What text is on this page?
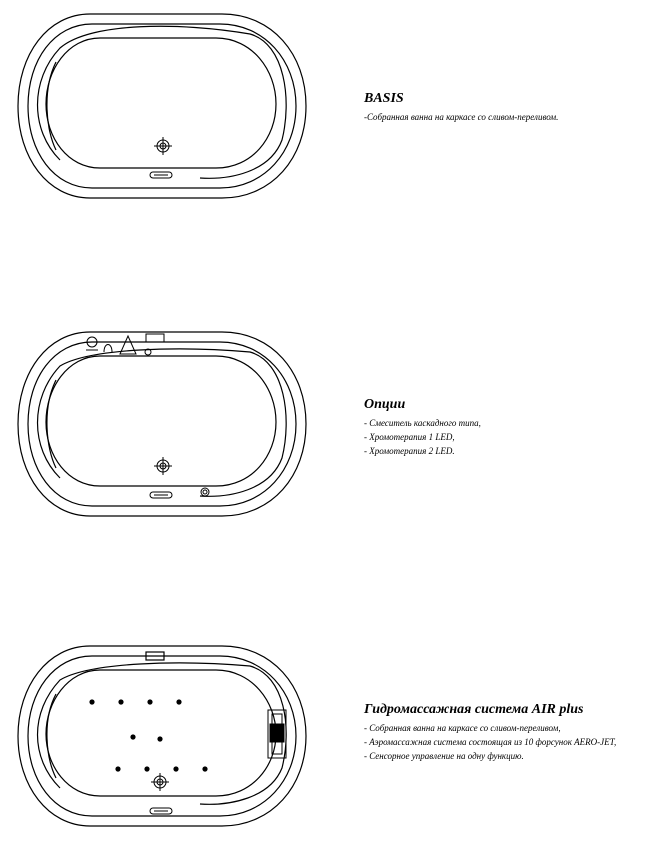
BASIS
-Собранная ванна на каркасе со сливом-переливом.
Опции
- Смеситель каскадного типа,
- Хромотерапия 1 LED,
- Хромотерапия 2 LED.
Гидромассажная система AIR plus
- Собранная ванна на каркасе со сливом-переливом,
- Аэромассажная система состоящая из 10 форсунок AERO-JET,
- Сенсорное управление на одну функцию.
